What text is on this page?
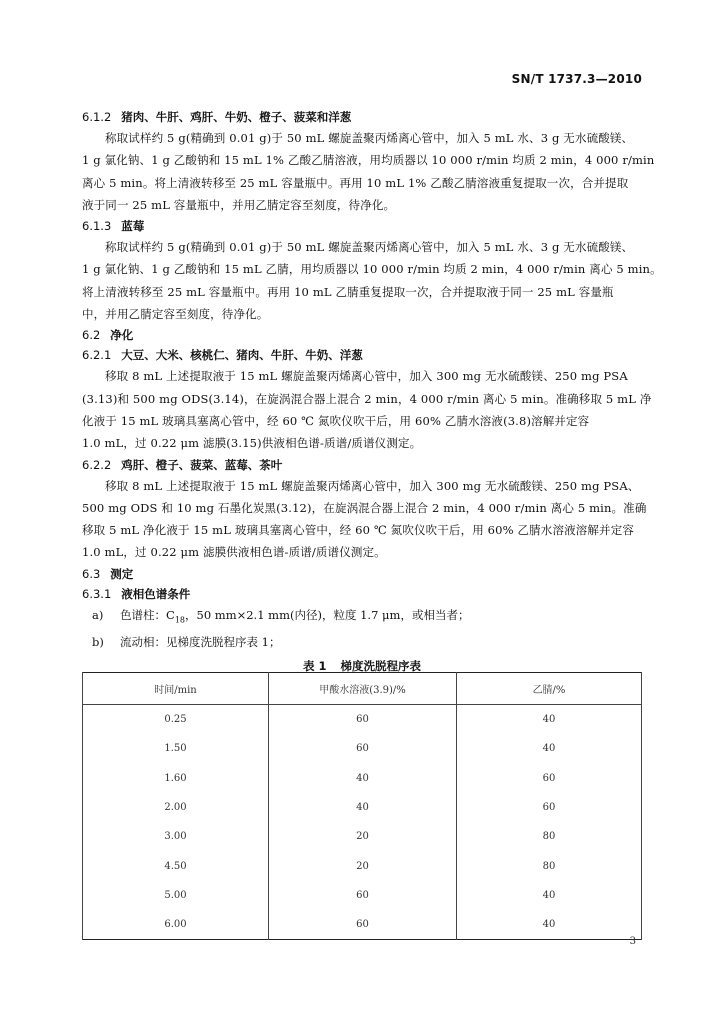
SN/T 1737.3—2010
6.1.2 猪肉、牛肝、鸡肝、牛奶、橙子、菠菜和洋葱
称取试样约 5 g(精确到 0.01 g)于 50 mL 螺旋盖聚丙烯离心管中，加入 5 mL 水、3 g 无水硫酸镁、
1 g 氯化钠、1 g 乙酸钠和 15 mL 1% 乙酸乙腈溶液，用均质器以 10 000 r/min 均质 2 min，4 000 r/min
离心 5 min。将上清液转移至 25 mL 容量瓶中。再用 10 mL 1% 乙酸乙腈溶液重复提取一次，合并提取
液于同一 25 mL 容量瓶中，并用乙腈定容至刻度，待净化。
6.1.3 蓝莓
称取试样约 5 g(精确到 0.01 g)于 50 mL 螺旋盖聚丙烯离心管中，加入 5 mL 水、3 g 无水硫酸镁、
1 g 氯化钠、1 g 乙酸钠和 15 mL 乙腈，用均质器以 10 000 r/min 均质 2 min，4 000 r/min 离心 5 min。
将上清液转移至 25 mL 容量瓶中。再用 10 mL 乙腈重复提取一次，合并提取液于同一 25 mL 容量瓶
中，并用乙腈定容至刻度，待净化。
6.2 净化
6.2.1 大豆、大米、核桃仁、猪肉、牛肝、牛奶、洋葱
移取 8 mL 上述提取液于 15 mL 螺旋盖聚丙烯离心管中，加入 300 mg 无水硫酸镁、250 mg PSA
(3.13)和 500 mg ODS(3.14)，在旋涡混合器上混合 2 min，4 000 r/min 离心 5 min。准确移取 5 mL 净
化液于 15 mL 玻璃具塞离心管中，经 60 ℃ 氮吹仪吹干后，用 60% 乙腈水溶液(3.8)溶解并定容
1.0 mL，过 0.22 μm 滤膜(3.15)供液相色谱-质谱/质谱仪测定。
6.2.2 鸡肝、橙子、菠菜、蓝莓、茶叶
移取 8 mL 上述提取液于 15 mL 螺旋盖聚丙烯离心管中，加入 300 mg 无水硫酸镁、250 mg PSA、
500 mg ODS 和 10 mg 石墨化炭黑(3.12)，在旋涡混合器上混合 2 min，4 000 r/min 离心 5 min。准确
移取 5 mL 净化液于 15 mL 玻璃具塞离心管中，经 60 ℃ 氮吹仪吹干后，用 60% 乙腈水溶液溶解并定容
1.0 mL，过 0.22 μm 滤膜供液相色谱-质谱/质谱仪测定。
6.3 测定
6.3.1 液相色谱条件
a) 色谱柱：$C_{18}$，50 mm×2.1 mm(内径)，粒度 1.7 μm，或相当者；
b) 流动相：见梯度洗脱程序表 1；
表 1 梯度洗脱程序表
时间/min	甲酸水溶液(3.9)/%	乙腈/%
0.25	60	40
1.50	60	40
1.60	40	60
2.00	40	60
3.00	20	80
4.50	20	80
5.00	60	40
6.00	60	40
3
